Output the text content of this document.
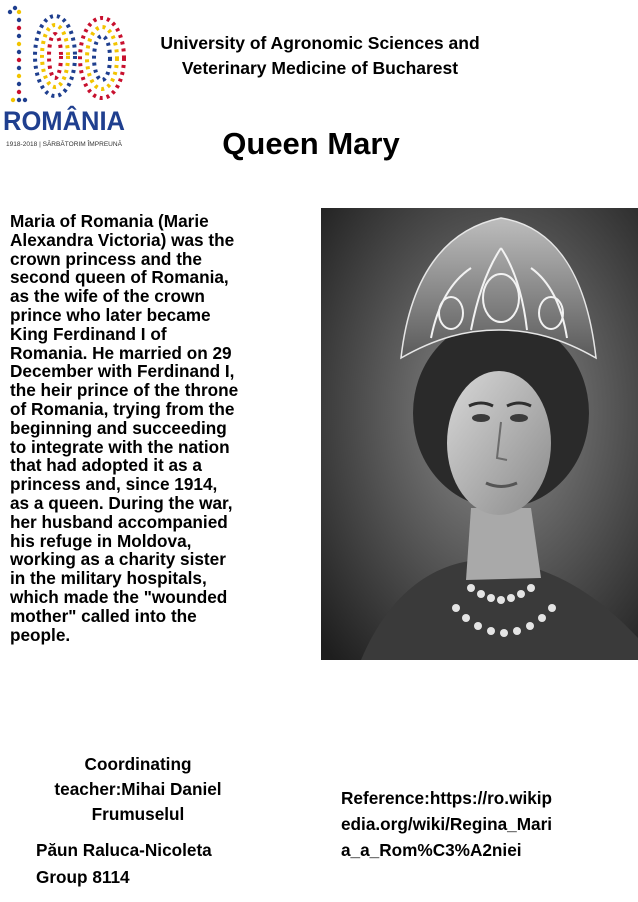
ROMÂNIA
1918-2018 | SĂRBĂTORIM ÎMPREUNĂ
University of Agronomic Sciences and
Veterinary Medicine of Bucharest
Queen Mary

Maria of Romania (Marie
Alexandra Victoria) was the
crown princess and the
second queen of Romania,
as the wife of the crown
prince who later became
King Ferdinand I of
Romania. He married on 29
December with Ferdinand I,
the heir prince of the throne
of Romania, trying from the
beginning and succeeding
to integrate with the nation
that had adopted it as a
princess and, since 1914,
as a queen. During the war,
her husband accompanied
his refuge in Moldova,
working as a charity sister
in the military hospitals,
which made the "wounded
mother" called into the
people.

Coordinating
teacher:Mihai Daniel
Frumuselul
Păun Raluca-Nicoleta
Group 8114
Reference:https://ro.wikip
edia.org/wiki/Regina_Mari
a_a_Rom%C3%A2niei
